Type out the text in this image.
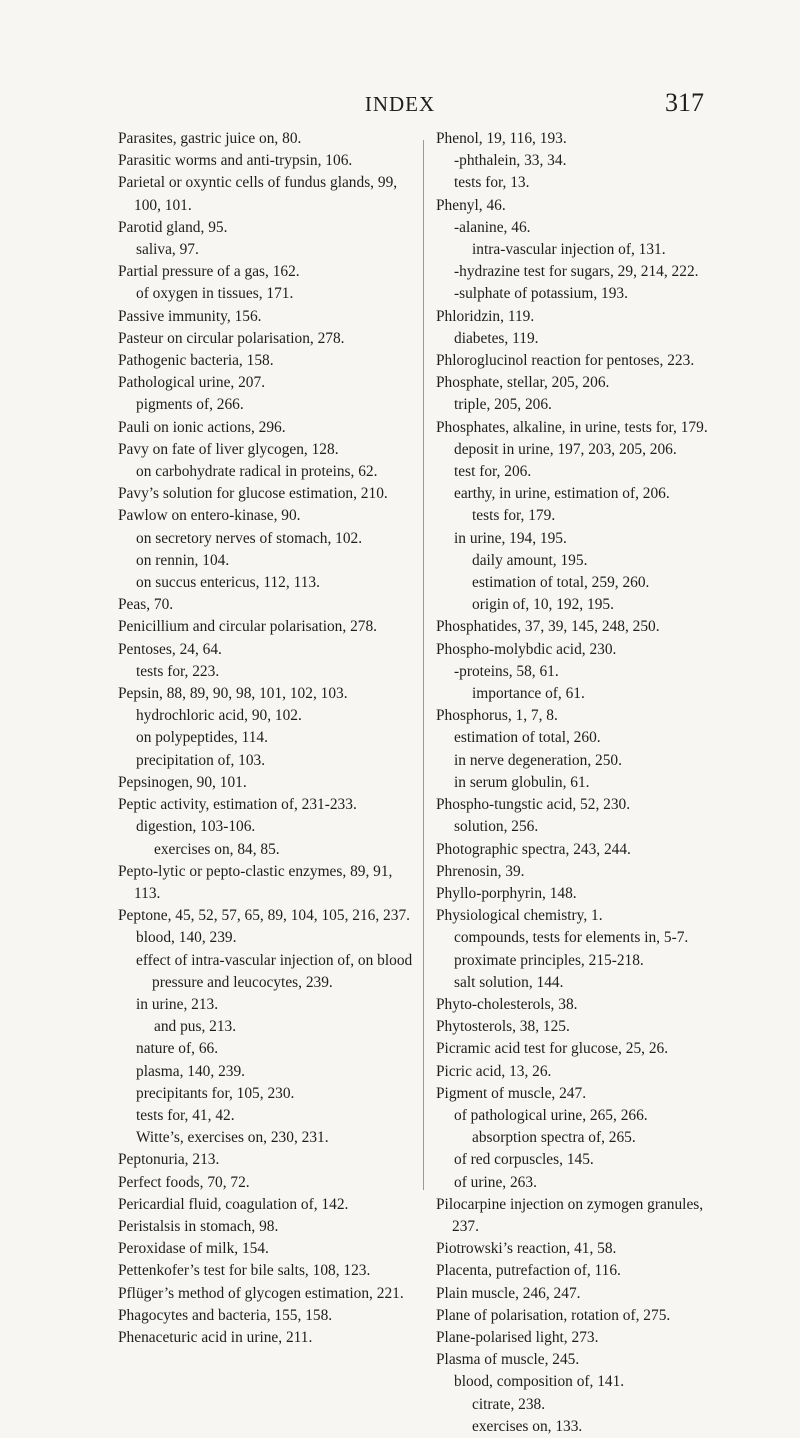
INDEX	317

Parasites, gastric juice on, 80.

Parasitic worms and anti-trypsin, 106.

Parietal or oxyntic cells of fundus glands, 99, 100, 101.

Parotid gland, 95.

saliva, 97.

Partial pressure of a gas, 162.

of oxygen in tissues, 171.

Passive immunity, 156.

Pasteur on circular polarisation, 278.

Pathogenic bacteria, 158.

Pathological urine, 207.

pigments of, 266.

Pauli on ionic actions, 296.

Pavy on fate of liver glycogen, 128.

on carbohydrate radical in proteins, 62.

Pavy’s solution for glucose estimation, 210.

Pawlow on entero-kinase, 90.

on secretory nerves of stomach, 102.

on rennin, 104.

on succus entericus, 112, 113.

Peas, 70.

Penicillium and circular polarisation, 278.

Pentoses, 24, 64.

tests for, 223.

Pepsin, 88, 89, 90, 98, 101, 102, 103.

hydrochloric acid, 90, 102.

on polypeptides, 114.

precipitation of, 103.

Pepsinogen, 90, 101.

Peptic activity, estimation of, 231-233.

digestion, 103-106.

exercises on, 84, 85.

Pepto-lytic or pepto-clastic enzymes, 89, 91, 113.

Peptone, 45, 52, 57, 65, 89, 104, 105, 216, 237.

blood, 140, 239.

effect of intra-vascular injection of, on blood pressure and leucocytes, 239.

in urine, 213.

and pus, 213.

nature of, 66.

plasma, 140, 239.

precipitants for, 105, 230.

tests for, 41, 42.

Witte’s, exercises on, 230, 231.

Peptonuria, 213.

Perfect foods, 70, 72.

Pericardial fluid, coagulation of, 142.

Peristalsis in stomach, 98.

Peroxidase of milk, 154.

Pettenkofer’s test for bile salts, 108, 123.

Pflüger’s method of glycogen estimation, 221.

Phagocytes and bacteria, 155, 158.

Phenaceturic acid in urine, 211.

Phenol, 19, 116, 193.

-phthalein, 33, 34.

tests for, 13.

Phenyl, 46.

-alanine, 46.

intra-vascular injection of, 131.

-hydrazine test for sugars, 29, 214, 222.

-sulphate of potassium, 193.

Phloridzin, 119.

diabetes, 119.

Phloroglucinol reaction for pentoses, 223.

Phosphate, stellar, 205, 206.

triple, 205, 206.

Phosphates, alkaline, in urine, tests for, 179.

deposit in urine, 197, 203, 205, 206.

test for, 206.

earthy, in urine, estimation of, 206.

tests for, 179.

in urine, 194, 195.

daily amount, 195.

estimation of total, 259, 260.

origin of, 10, 192, 195.

Phosphatides, 37, 39, 145, 248, 250.

Phospho-molybdic acid, 230.

-proteins, 58, 61.

importance of, 61.

Phosphorus, 1, 7, 8.

estimation of total, 260.

in nerve degeneration, 250.

in serum globulin, 61.

Phospho-tungstic acid, 52, 230.

solution, 256.

Photographic spectra, 243, 244.

Phrenosin, 39.

Phyllo-porphyrin, 148.

Physiological chemistry, 1.

compounds, tests for elements in, 5-7.

proximate principles, 215-218.

salt solution, 144.

Phyto-cholesterols, 38.

Phytosterols, 38, 125.

Picramic acid test for glucose, 25, 26.

Picric acid, 13, 26.

Pigment of muscle, 247.

of pathological urine, 265, 266.

absorption spectra of, 265.

of red corpuscles, 145.

of urine, 263.

Pilocarpine injection on zymogen granules, 237.

Piotrowski’s reaction, 41, 58.

Placenta, putrefaction of, 116.

Plain muscle, 246, 247.

Plane of polarisation, rotation of, 275.

Plane-polarised light, 273.

Plasma of muscle, 245.

blood, composition of, 141.

citrate, 238.

exercises on, 133.
